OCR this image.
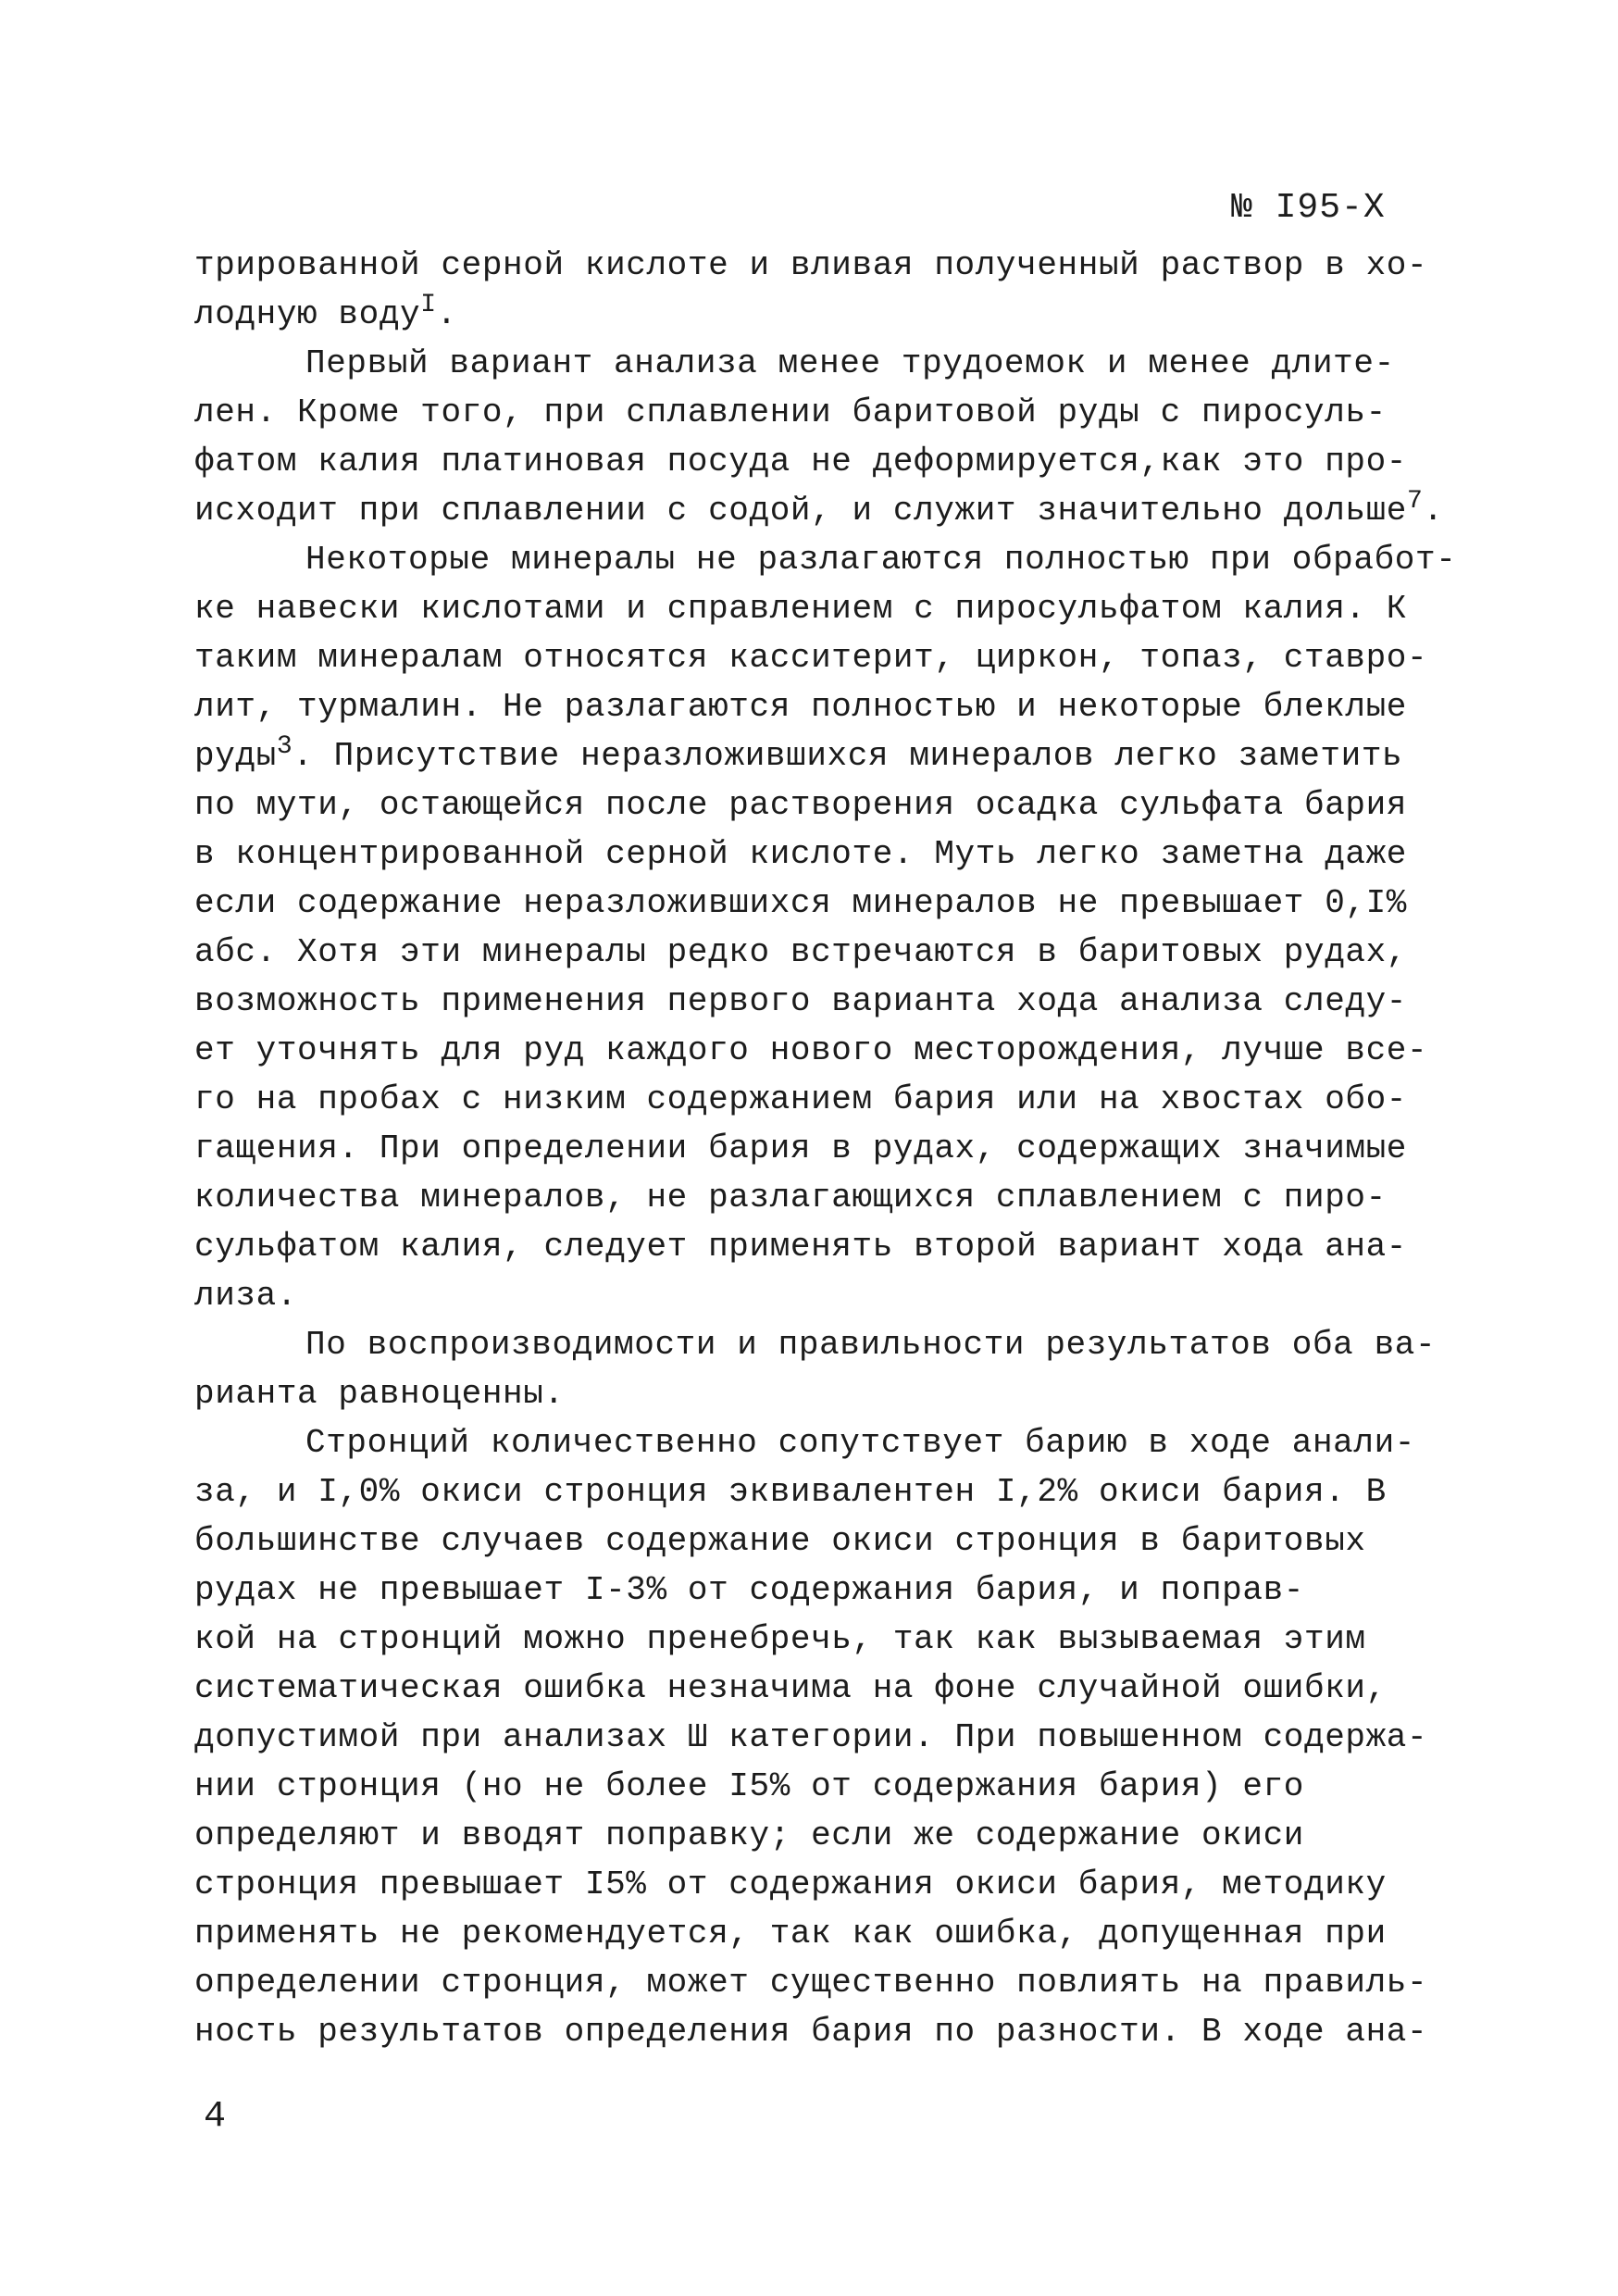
№ I95-X
трированной серной кислоте и вливая полученный раствор в хо-
лодную воду$^I$.
Первый вариант анализа менее трудоемок и менее длите-
лен. Кроме того, при сплавлении баритовой руды с пиросуль-
фатом калия платиновая посуда не деформируется,как это про-
исходит при сплавлении с содой, и служит значительно дольше$^7$.
Некоторые минералы не разлагаются полностью при обработ-
ке навески кислотами и справлением с пиросульфатом калия. К
таким минералам относятся касситерит, циркон, топаз, ставро-
лит, турмалин. Не разлагаются полностью и некоторые блеклые
руды$^3$. Присутствие неразложившихся минералов легко заметить
по мути, остающейся после растворения осадка сульфата бария
в концентрированной серной кислоте. Муть легко заметна даже
если содержание неразложившихся минералов не превышает 0,I%
абс. Хотя эти минералы редко встречаются в баритовых рудах,
возможность применения первого варианта хода анализа следу-
ет уточнять для руд каждого нового месторождения, лучше все-
го на пробах с низким содержанием бария или на хвостах обо-
гащения. При определении бария в рудах, содержащих значимые
количества минералов, не разлагающихся сплавлением с пиро-
сульфатом калия, следует применять второй вариант хода ана-
лиза.
По воспроизводимости и правильности результатов оба ва-
рианта равноценны.
Стронций количественно сопутствует барию в ходе анали-
за, и I,0% окиси стронция эквивалентен I,2% окиси бария. В
большинстве случаев содержание окиси стронция в баритовых
рудах не превышает I-3% от содержания бария, и поправ-
кой на стронций можно пренебречь, так как вызываемая этим
систематическая ошибка незначима на фоне случайной ошибки,
допустимой при анализах Ш категории. При повышенном содержа-
нии стронция (но не более I5% от содержания бария) его
определяют и вводят поправку; если же содержание окиси
стронция превышает I5% от содержания окиси бария, методику
применять не рекомендуется, так как ошибка, допущенная при
определении стронция, может существенно повлиять на правиль-
ность результатов определения бария по разности. В ходе ана-
4
